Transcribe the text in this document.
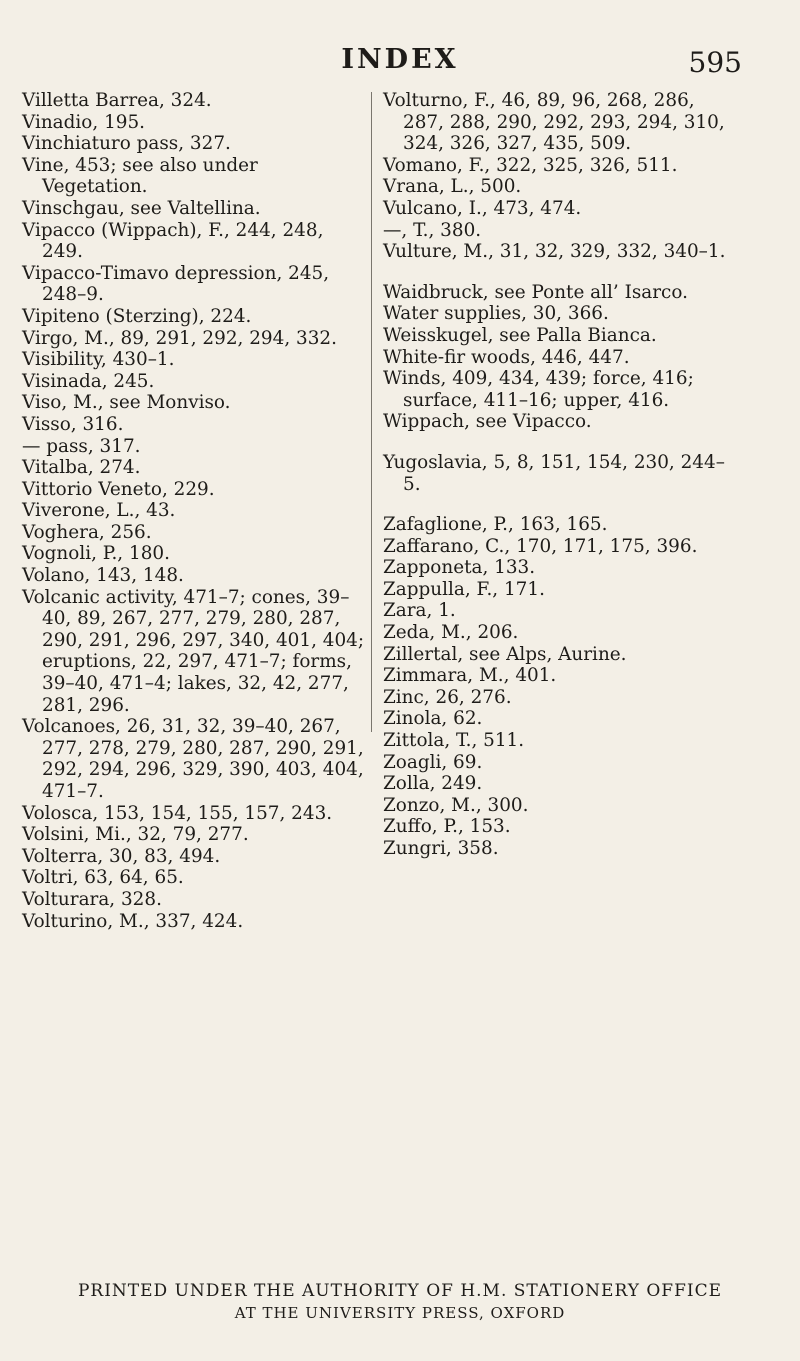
INDEX	595
Villetta Barrea, 324.
Vinadio, 195.
Vinchiaturo pass, 327.
Vine, 453; see also under Vegetation.
Vinschgau, see Valtellina.
Vipacco (Wippach), F., 244, 248, 249.
Vipacco-Timavo depression, 245, 248–9.
Vipiteno (Sterzing), 224.
Virgo, M., 89, 291, 292, 294, 332.
Visibility, 430–1.
Visinada, 245.
Viso, M., see Monviso.
Visso, 316.
— pass, 317.
Vitalba, 274.
Vittorio Veneto, 229.
Viverone, L., 43.
Voghera, 256.
Vognoli, P., 180.
Volano, 143, 148.
Volcanic activity, 471–7; cones, 39–40, 89, 267, 277, 279, 280, 287, 290, 291, 296, 297, 340, 401, 404; eruptions, 22, 297, 471–7; forms, 39–40, 471–4; lakes, 32, 42, 277, 281, 296.
Volcanoes, 26, 31, 32, 39–40, 267, 277, 278, 279, 280, 287, 290, 291, 292, 294, 296, 329, 390, 403, 404, 471–7.
Volosca, 153, 154, 155, 157, 243.
Volsini, Mi., 32, 79, 277.
Volterra, 30, 83, 494.
Voltri, 63, 64, 65.
Volturara, 328.
Volturino, M., 337, 424.
Volturno, F., 46, 89, 96, 268, 286, 287, 288, 290, 292, 293, 294, 310, 324, 326, 327, 435, 509.
Vomano, F., 322, 325, 326, 511.
Vrana, L., 500.
Vulcano, I., 473, 474.
—, T., 380.
Vulture, M., 31, 32, 329, 332, 340–1.
Waidbruck, see Ponte all’ Isarco.
Water supplies, 30, 366.
Weisskugel, see Palla Bianca.
White-fir woods, 446, 447.
Winds, 409, 434, 439; force, 416; surface, 411–16; upper, 416.
Wippach, see Vipacco.
Yugoslavia, 5, 8, 151, 154, 230, 244–5.
Zafaglione, P., 163, 165.
Zaffarano, C., 170, 171, 175, 396.
Zapponeta, 133.
Zappulla, F., 171.
Zara, 1.
Zeda, M., 206.
Zillertal, see Alps, Aurine.
Zimmara, M., 401.
Zinc, 26, 276.
Zinola, 62.
Zittola, T., 511.
Zoagli, 69.
Zolla, 249.
Zonzo, M., 300.
Zuffo, P., 153.
Zungri, 358.
PRINTED UNDER THE AUTHORITY OF H.M. STATIONERY OFFICE
AT THE UNIVERSITY PRESS, OXFORD
